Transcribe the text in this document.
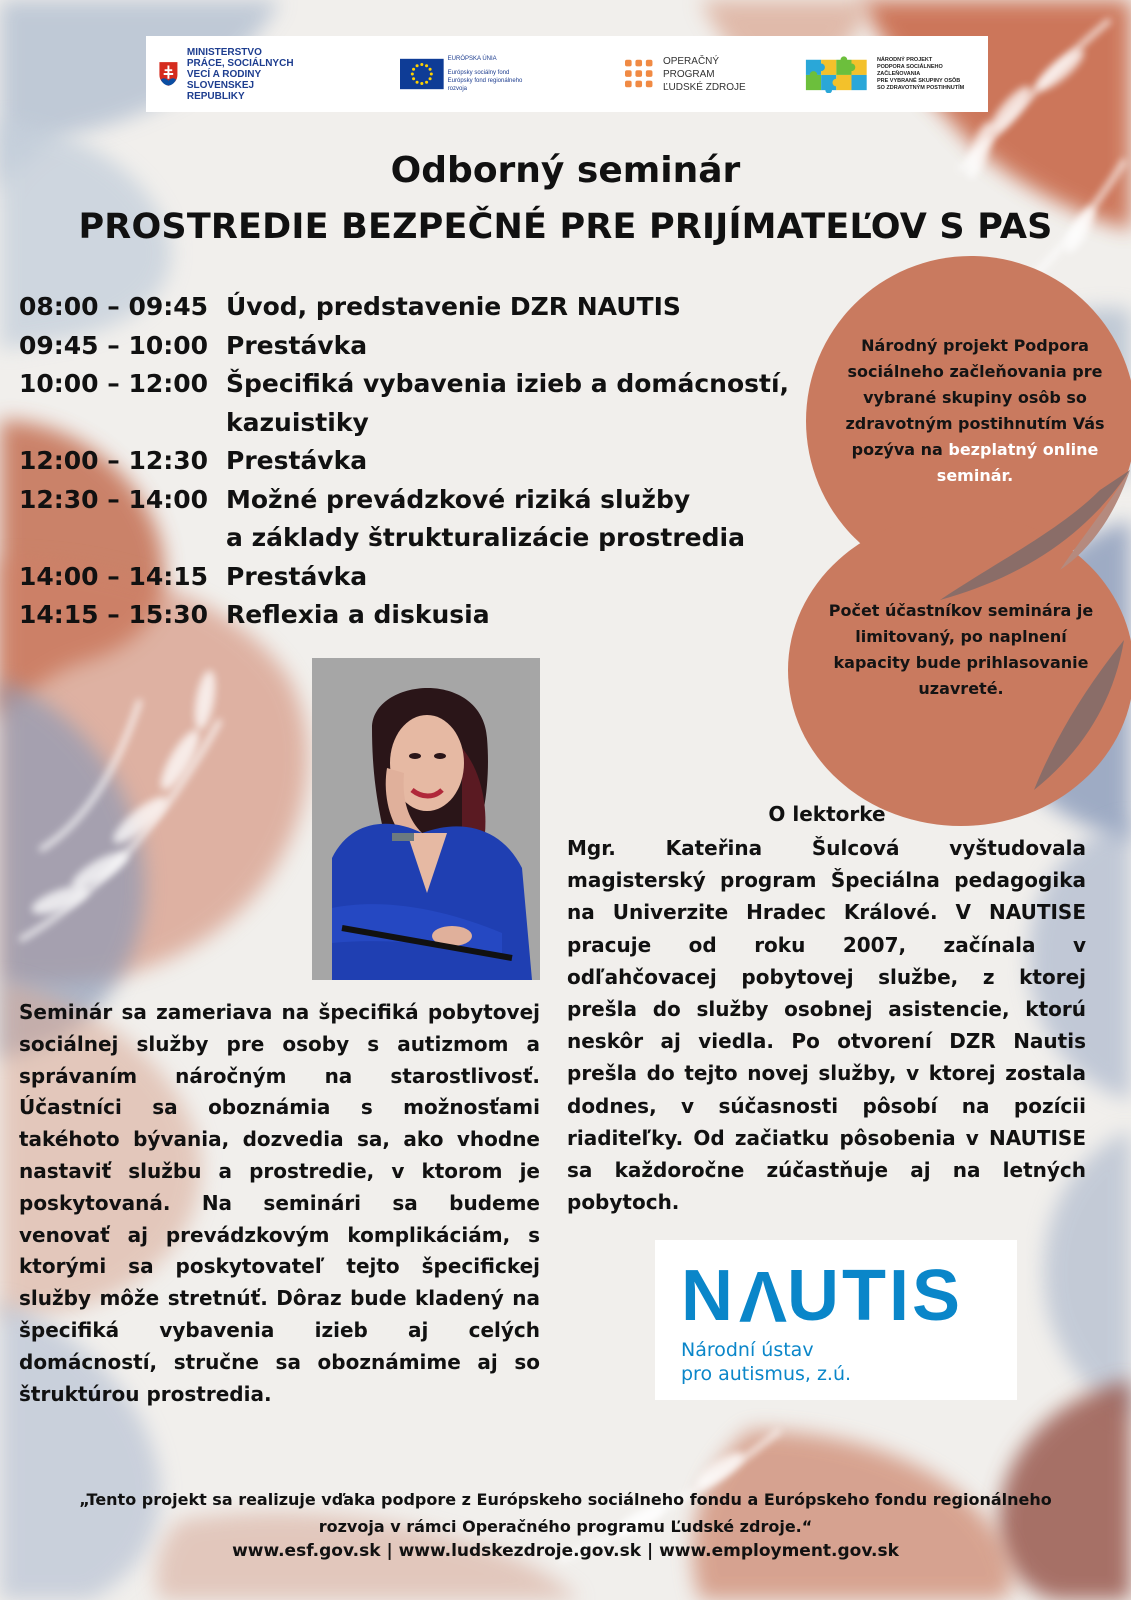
MINISTERSTVO
PRÁCE, SOCIÁLNYCH
VECÍ A RODINY
SLOVENSKEJ REPUBLIKY
EURÓPSKA ÚNIA
Európsky sociálny fond
Európsky fond regionálneho rozvoja
OPERAČNÝ PROGRAM
ĽUDSKÉ ZDROJE
NÁRODNÝ PROJEKT
PODPORA SOCIÁLNEHO ZAČLEŇOVANIA
PRE VYBRANÉ SKUPINY OSÔB
SO ZDRAVOTNÝM POSTIHNUTÍM
Odborný seminár
PROSTREDIE BEZPEČNÉ PRE PRIJÍMATEĽOV S PAS
08:00 – 09:45 Úvod, predstavenie DZR NAUTIS
09:45 – 10:00 Prestávka
10:00 – 12:00 Špecifiká vybavenia izieb a domácností,
kazuistiky
12:00 – 12:30 Prestávka
12:30 – 14:00 Možné prevádzkové riziká služby
a základy štrukturalizácie prostredia
14:00 – 14:15 Prestávka
14:15 – 15:30 Reflexia a diskusia
Národný projekt Podpora sociálneho začleňovania pre vybrané skupiny osôb so zdravotným postihnutím Vás pozýva na bezplatný online seminár.
Počet účastníkov seminára je limitovaný, po naplnení kapacity bude prihlasovanie uzavreté.
Seminár sa zameriava na špecifiká pobytovej sociálnej služby pre osoby s autizmom a správaním náročným na starostlivosť. Účastníci sa oboznámia s možnosťami takéhoto bývania, dozvedia sa, ako vhodne nastaviť službu a prostredie, v ktorom je poskytovaná. Na seminári sa budeme venovať aj prevádzkovým komplikáciám, s ktorými sa poskytovateľ tejto špecifickej služby môže stretnúť. Dôraz bude kladený na špecifiká vybavenia izieb aj celých domácností, stručne sa oboznámime aj so štruktúrou prostredia.
O lektorke
Mgr. Kateřina Šulcová vyštudovala magisterský program Špeciálna pedagogika na Univerzite Hradec Králové. V NAUTISE pracuje od roku 2007, začínala v odľahčovacej pobytovej službe, z ktorej prešla do služby osobnej asistencie, ktorú neskôr aj viedla. Po otvorení DZR Nautis prešla do tejto novej služby, v ktorej zostala dodnes, v súčasnosti pôsobí na pozícii riaditeľky. Od začiatku pôsobenia v NAUTISE sa každoročne zúčastňuje aj na letných pobytoch.
NVUTIS
Národní ústav
pro autismus, z.ú.
„Tento projekt sa realizuje vďaka podpore z Európskeho sociálneho fondu a Európskeho fondu regionálneho
rozvoja v rámci Operačného programu Ľudské zdroje.“
www.esf.gov.sk | www.ludskezdroje.gov.sk | www.employment.gov.sk
